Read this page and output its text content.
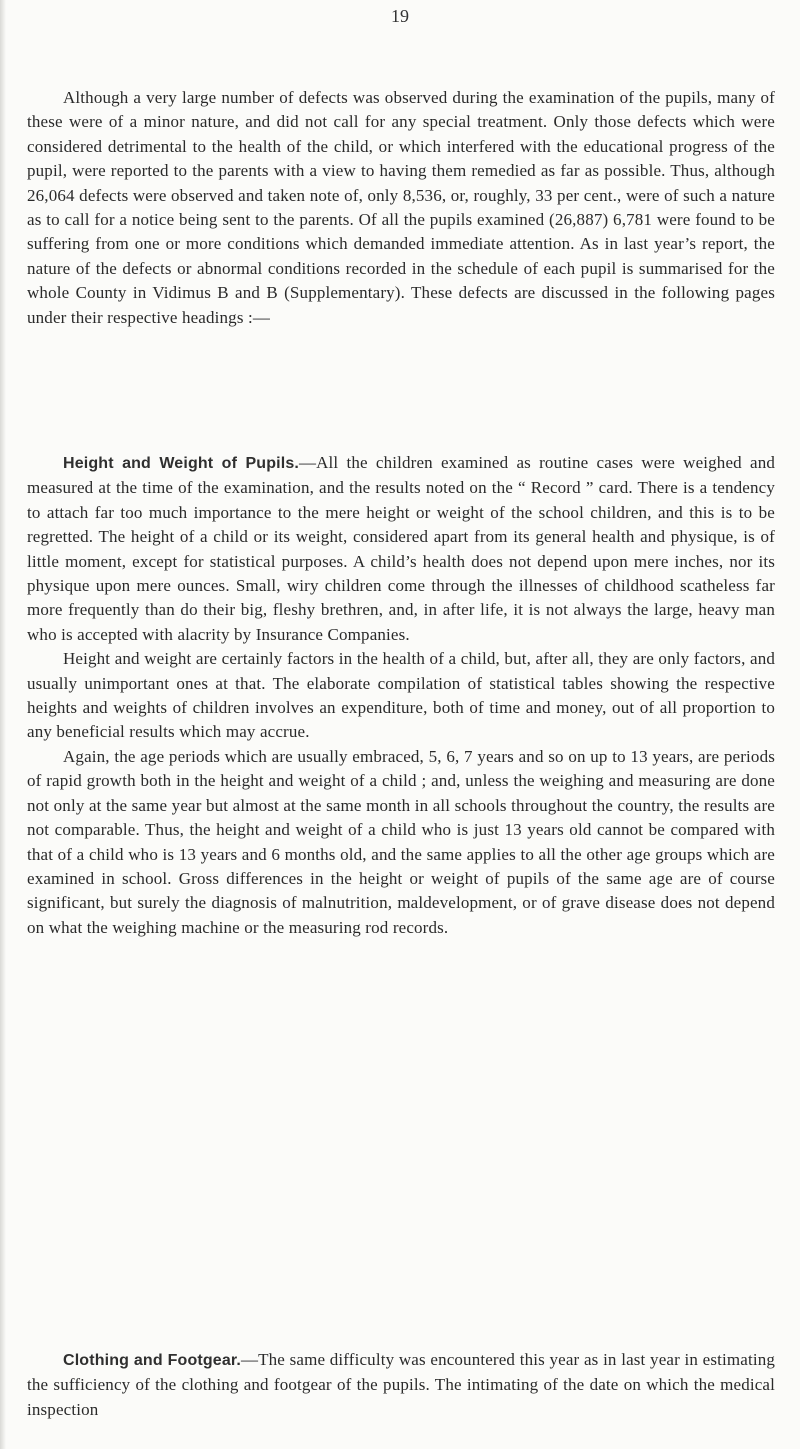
19

Although a very large number of defects was observed during the examination of the pupils, many of these were of a minor nature, and did not call for any special treatment. Only those defects which were considered detrimental to the health of the child, or which interfered with the educational progress of the pupil, were reported to the parents with a view to having them remedied as far as possible. Thus, although 26,064 defects were observed and taken note of, only 8,536, or, roughly, 33 per cent., were of such a nature as to call for a notice being sent to the parents. Of all the pupils examined (26,887) 6,781 were found to be suffering from one or more conditions which demanded immediate attention. As in last year’s report, the nature of the defects or abnormal conditions recorded in the schedule of each pupil is summarised for the whole County in Vidimus B and B (Supplementary). These defects are discussed in the following pages under their respective headings :—

Height and Weight of Pupils.—All the children examined as routine cases were weighed and measured at the time of the examination, and the results noted on the “ Record ” card. There is a tendency to attach far too much importance to the mere height or weight of the school children, and this is to be regretted. The height of a child or its weight, considered apart from its general health and physique, is of little moment, except for statistical purposes. A child’s health does not depend upon mere inches, nor its physique upon mere ounces. Small, wiry children come through the illnesses of childhood scatheless far more frequently than do their big, fleshy brethren, and, in after life, it is not always the large, heavy man who is accepted with alacrity by Insurance Companies.

Height and weight are certainly factors in the health of a child, but, after all, they are only factors, and usually unimportant ones at that. The elaborate compilation of statistical tables showing the respective heights and weights of children involves an expenditure, both of time and money, out of all proportion to any beneficial results which may accrue.

Again, the age periods which are usually embraced, 5, 6, 7 years and so on up to 13 years, are periods of rapid growth both in the height and weight of a child ; and, unless the weighing and measuring are done not only at the same year but almost at the same month in all schools throughout the country, the results are not comparable. Thus, the height and weight of a child who is just 13 years old cannot be compared with that of a child who is 13 years and 6 months old, and the same applies to all the other age groups which are examined in school. Gross differences in the height or weight of pupils of the same age are of course significant, but surely the diagnosis of malnutrition, maldevelopment, or of grave disease does not depend on what the weighing machine or the measuring rod records.

Clothing and Footgear.—The same difficulty was encountered this year as in last year in estimating the sufficiency of the clothing and footgear of the pupils. The intimating of the date on which the medical inspection
